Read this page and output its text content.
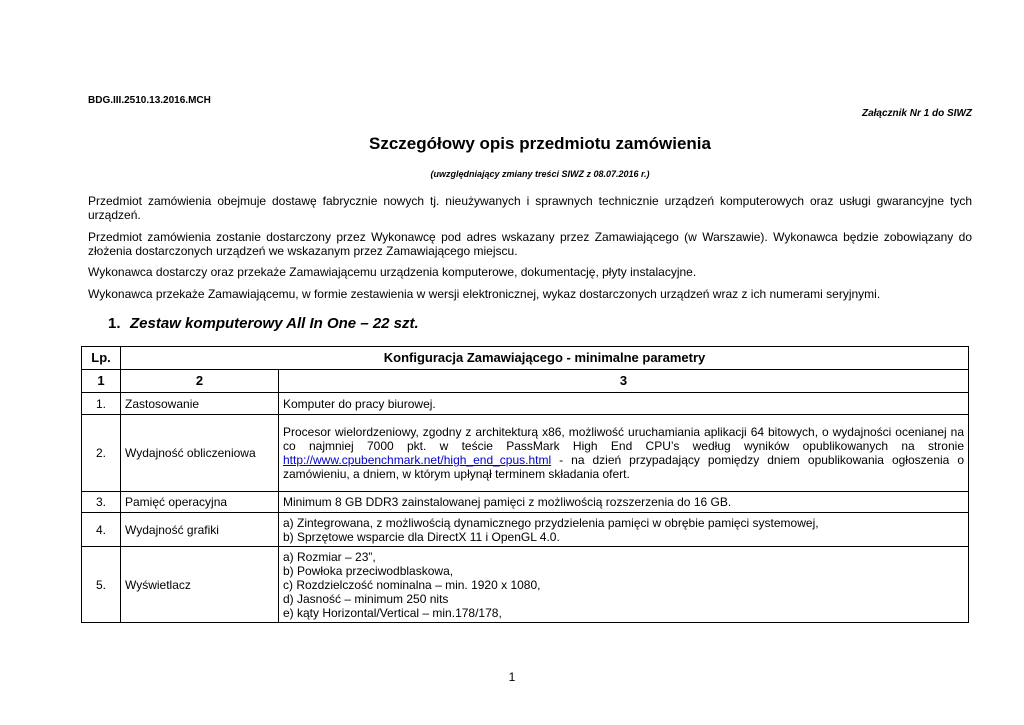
BDG.III.2510.13.2016.MCH
Załącznik Nr 1 do SIWZ
Szczegółowy opis przedmiotu zamówienia
(uwzględniający zmiany treści SIWZ z 08.07.2016 r.)
Przedmiot zamówienia obejmuje dostawę fabrycznie nowych tj. nieużywanych i sprawnych technicznie urządzeń komputerowych oraz usługi gwarancyjne tych urządzeń.
Przedmiot zamówienia zostanie dostarczony przez Wykonawcę pod adres wskazany przez Zamawiającego (w Warszawie). Wykonawca będzie zobowiązany do złożenia dostarczonych urządzeń we wskazanym przez Zamawiającego miejscu.
Wykonawca dostarczy oraz przekaże Zamawiającemu urządzenia komputerowe, dokumentację, płyty instalacyjne.
Wykonawca przekaże Zamawiającemu, w formie zestawienia w wersji elektronicznej, wykaz dostarczonych urządzeń wraz z ich numerami seryjnymi.
1. Zestaw komputerowy All In One – 22 szt.
Lp.	Konfiguracja Zamawiającego - minimalne parametry	
1	2	3
1.	Zastosowanie	Komputer do pracy biurowej.
2.	Wydajność obliczeniowa	Procesor wielordzeniowy, zgodny z architekturą x86, możliwość uruchamiania aplikacji 64 bitowych, o wydajności ocenianej na co najmniej 7000 pkt. w teście PassMark High End CPU’s według wyników opublikowanych na stronie http://www.cpubenchmark.net/high_end_cpus.html - na dzień przypadający pomiędzy dniem opublikowania ogłoszenia o zamówieniu, a dniem, w którym upłynął terminem składania ofert.
3.	Pamięć operacyjna	Minimum 8 GB DDR3 zainstalowanej pamięci z możliwością rozszerzenia do 16 GB.
4.	Wydajność grafiki	a) Zintegrowana, z możliwością dynamicznego przydzielenia pamięci w obrębie pamięci systemowej,
b) Sprzętowe wsparcie dla DirectX 11 i OpenGL 4.0.

5.	Wyświetlacz	a) Rozmiar – 23”,
b) Powłoka przeciwodblaskowa,
c) Rozdzielczość nominalna – min. 1920 x 1080,
d) Jasność – minimum 250 nits
e) kąty Horizontal/Vertical – min.178/178,
1
